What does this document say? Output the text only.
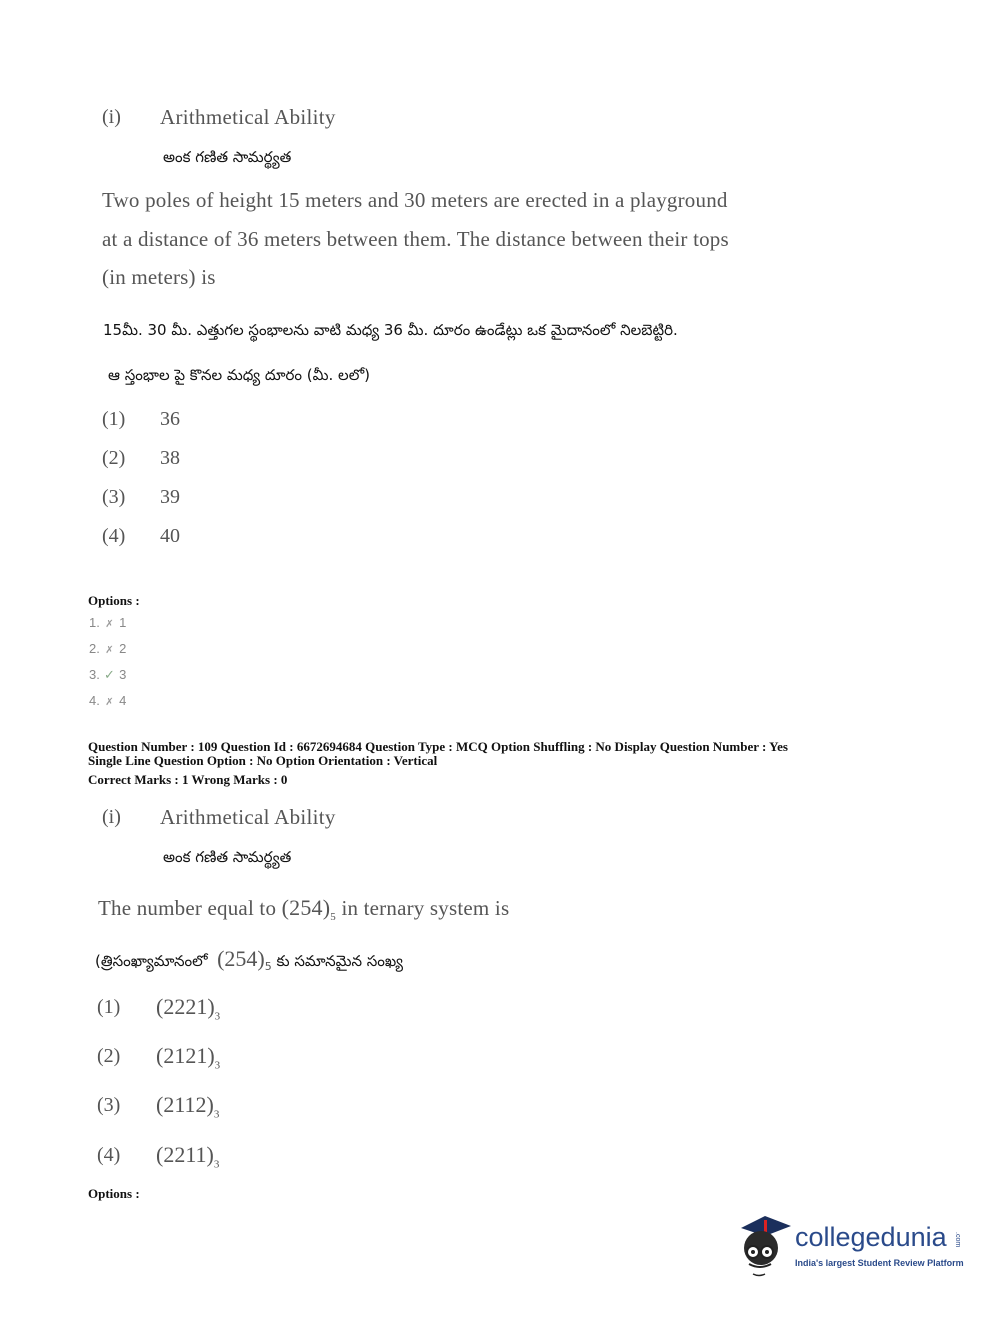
(i) Arithmetical Ability
అంక గణిత సామర్థ్యత
Two poles of height 15 meters and 30 meters are erected in a playground
at a distance of 36 meters between them. The distance between their tops
(in meters) is
15మీ. 30 మీ. ఎత్తుగల స్థంభాలను వాటి మధ్య 36 మీ. దూరం ఉండేట్లు ఒక మైదానంలో నిలబెట్టిరి.
ఆ స్తంభాల పై కొనల మధ్య దూరం (మీ. లలో)
(1) 36
(2) 38
(3) 39
(4) 40
Options :
1. ✗ 1
2. ✗ 2
3. ✓ 3
4. ✗ 4
Question Number : 109 Question Id : 6672694684 Question Type : MCQ Option Shuffling : No Display Question Number : Yes
Single Line Question Option : No Option Orientation : Vertical
Correct Marks : 1 Wrong Marks : 0
(i) Arithmetical Ability
అంక గణిత సామర్థ్యత
The number equal to $(254)_5$ in ternary system is
(త్రిసంఖ్యామానంలో $(254)_5$ కు సమానమైన సంఖ్య
(1) $(2221)_3$
(2) $(2121)_3$
(3) $(2112)_3$
(4) $(2211)_3$
Options :
collegedunia .com
India's largest Student Review Platform
